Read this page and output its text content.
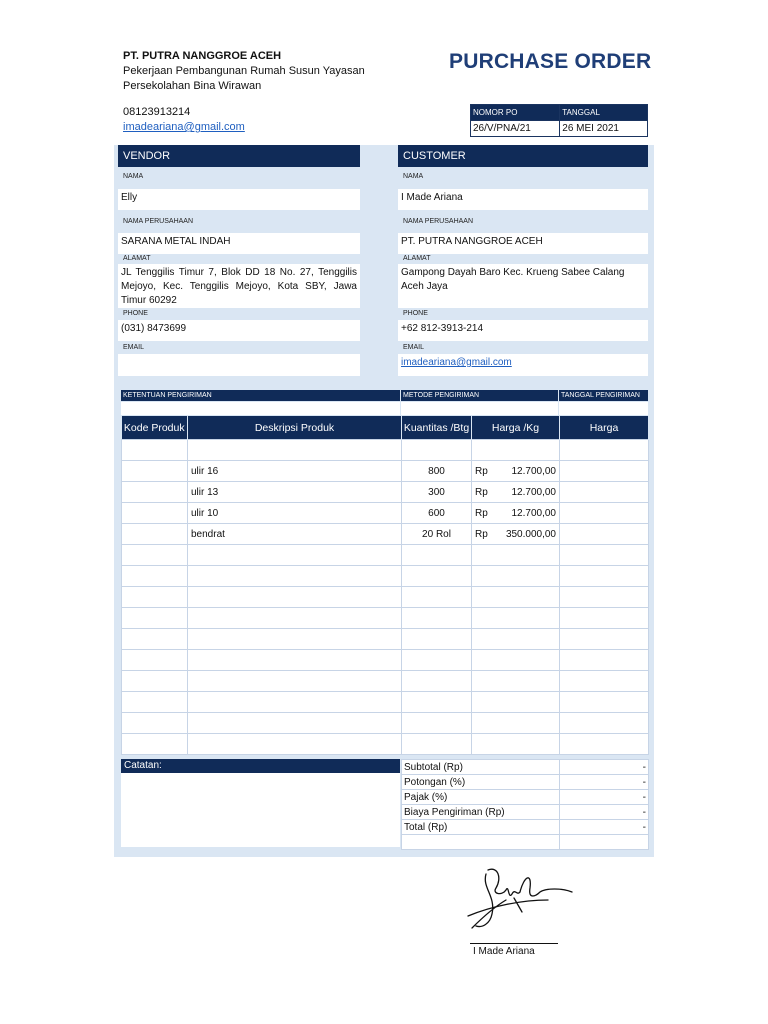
PT. PUTRA NANGGROE ACEH
Pekerjaan Pembangunan Rumah Susun Yayasan
Persekolahan Bina Wirawan
08123913214
imadeariana@gmail.com
PURCHASE ORDER
NOMOR PO	TANGGAL
26/V/PNA/21	26 MEI 2021
VENDOR	CUSTOMER
NAMA
Elly
NAMA PERUSAHAAN
SARANA METAL INDAH
ALAMAT
JL Tenggilis Timur 7, Blok DD 18 No. 27, Tenggilis Mejoyo, Kec. Tenggilis Mejoyo, Kota SBY, Jawa Timur 60292
PHONE
(031) 8473699
EMAIL
NAMA
I Made Ariana
NAMA PERUSAHAAN
PT. PUTRA NANGGROE ACEH
ALAMAT
Gampong Dayah Baro Kec. Krueng Sabee Calang Aceh Jaya
PHONE
+62 812-3913-214
EMAIL
imadeariana@gmail.com
KETENTUAN PENGIRIMAN	METODE PENGIRIMAN	TANGGAL PENGIRIMAN
Kode Produk	Deskripsi Produk	Kuantitas /Btg	Harga /Kg	Harga

	ulir 16	800	Rp 12.700,00	

	ulir 13	300	Rp 12.700,00	

	ulir 10	600	Rp 12.700,00	

	bendrat	20 Rol	Rp 350.000,00	

Catatan:	Subtotal (Rp)	-
Potongan (%)	-
Pajak (%)	-
Biaya Pengiriman (Rp)	-
Total (Rp)	-

I Made Ariana
